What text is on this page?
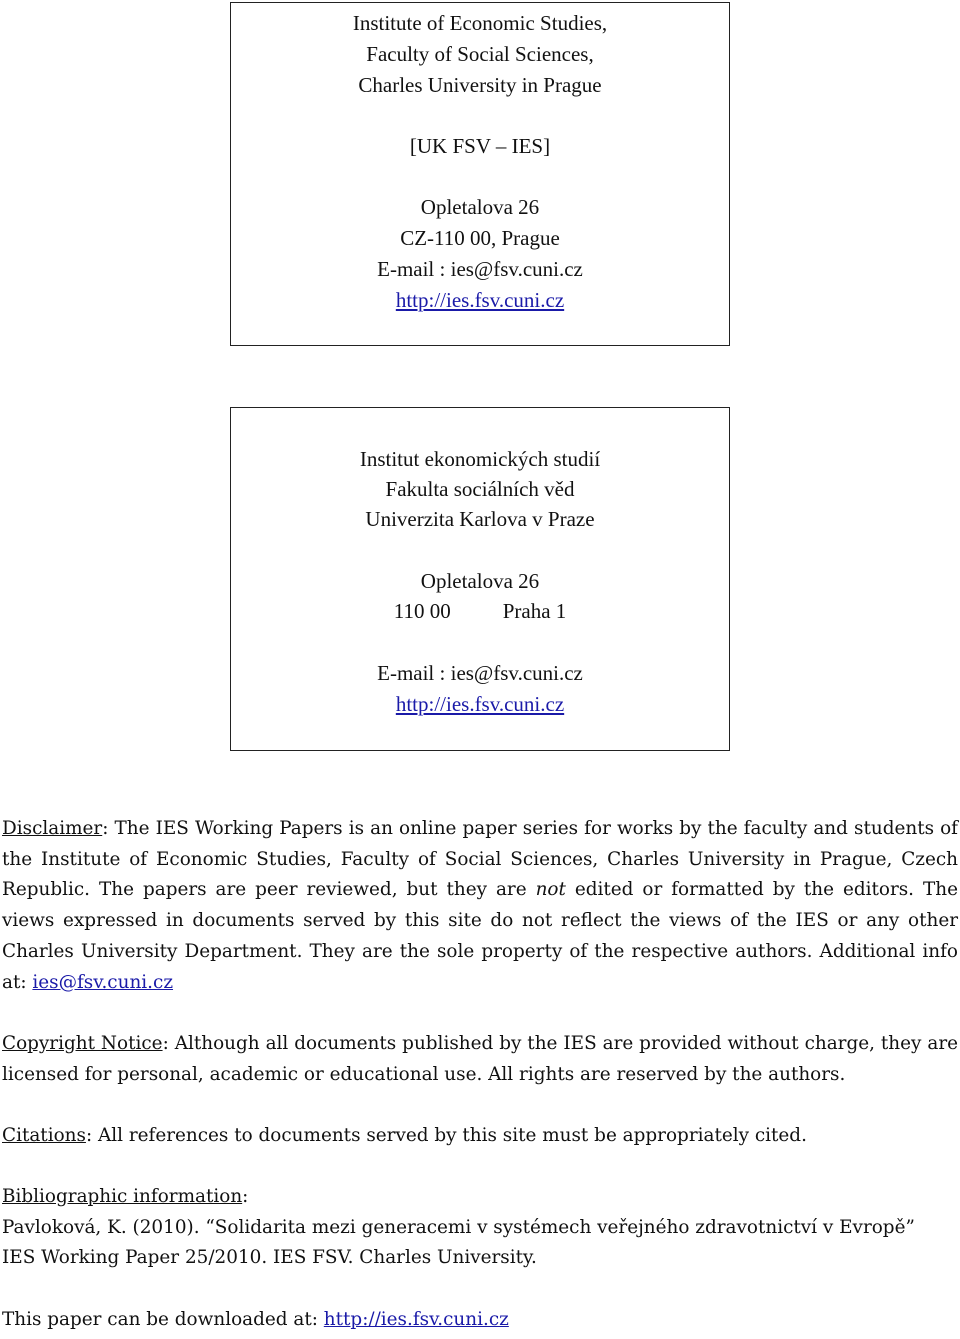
Institute of Economic Studies,
Faculty of Social Sciences,
Charles University in Prague
[UK FSV – IES]
Opletalova 26
CZ-110 00, Prague
E-mail : ies@fsv.cuni.cz
http://ies.fsv.cuni.cz
Institut ekonomických studií
Fakulta sociálních věd
Univerzita Karlova v Praze
Opletalova 26
110 00 Praha 1
E-mail : ies@fsv.cuni.cz
http://ies.fsv.cuni.cz

Disclaimer: The IES Working Papers is an online paper series for works by the faculty and students of the Institute of Economic Studies, Faculty of Social Sciences, Charles University in Prague, Czech Republic. The papers are peer reviewed, but they are not edited or formatted by the editors. The views expressed in documents served by this site do not reflect the views of the IES or any other Charles University Department. They are the sole property of the respective authors. Additional info at: ies@fsv.cuni.cz

Copyright Notice: Although all documents published by the IES are provided without charge, they are licensed for personal, academic or educational use. All rights are reserved by the authors.

Citations: All references to documents served by this site must be appropriately cited.

Bibliographic information:
Pavloková, K. (2010). “Solidarita mezi generacemi v systémech veřejného zdravotnictví v Evropě”
IES Working Paper 25/2010. IES FSV. Charles University.

This paper can be downloaded at: http://ies.fsv.cuni.cz
